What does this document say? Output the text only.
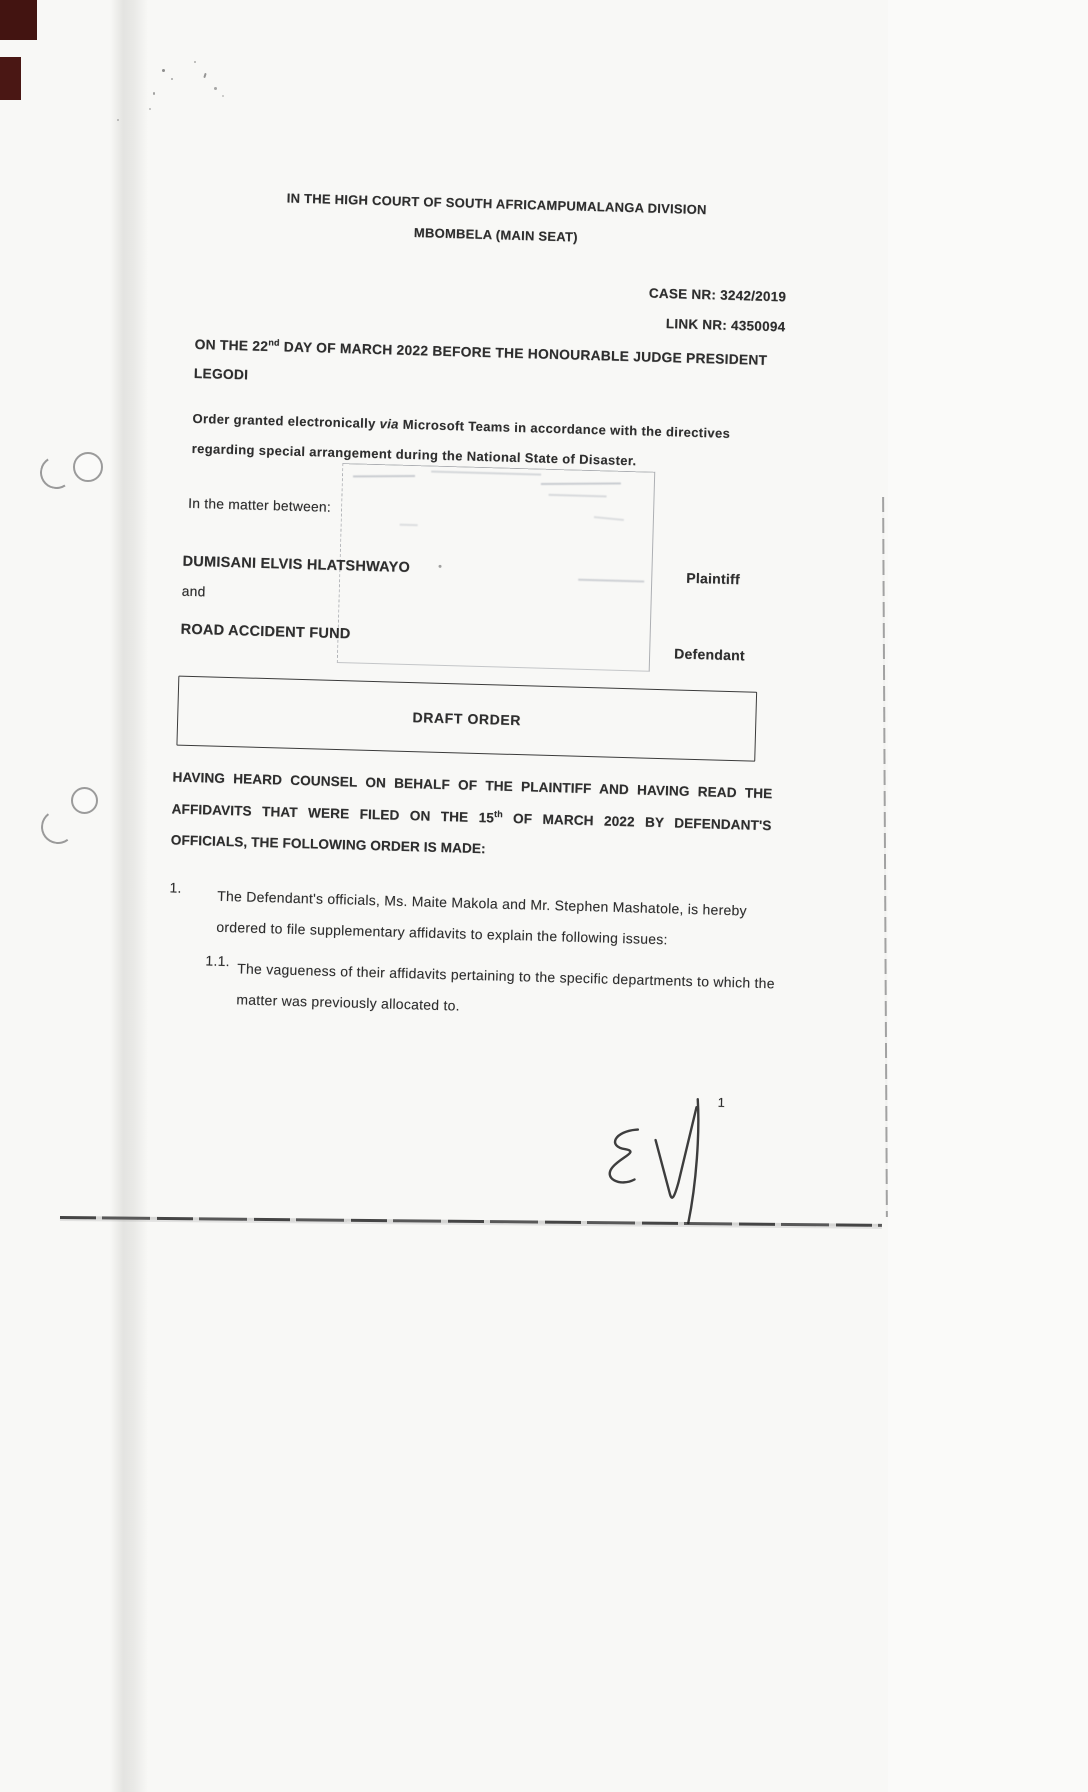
IN THE HIGH COURT OF SOUTH AFRICAMPUMALANGA DIVISION
MBOMBELA (MAIN SEAT)
CASE NR: 3242/2019
LINK NR: 4350094
ON THE 22nd DAY OF MARCH 2022 BEFORE THE HONOURABLE JUDGE PRESIDENT LEGODI
Order granted electronically via Microsoft Teams in accordance with the directives regarding special arrangement during the National State of Disaster.
In the matter between:
DUMISANI ELVIS HLATSHWAYO
Plaintiff
and
ROAD ACCIDENT FUND
Defendant
DRAFT ORDER
HAVING HEARD COUNSEL ON BEHALF OF THE PLAINTIFF AND HAVING READ THE AFFIDAVITS THAT WERE FILED ON THE 15th OF MARCH 2022 BY DEFENDANT'S OFFICIALS, THE FOLLOWING ORDER IS MADE:
1.
The Defendant's officials, Ms. Maite Makola and Mr. Stephen Mashatole, is hereby ordered to file supplementary affidavits to explain the following issues:
1.1. The vagueness of their affidavits pertaining to the specific departments to which the matter was previously allocated to.
1
